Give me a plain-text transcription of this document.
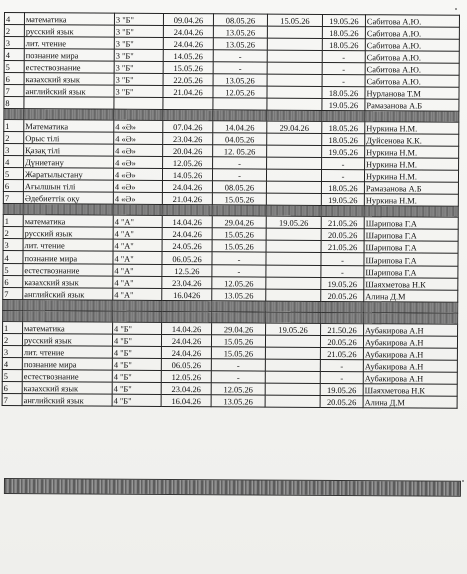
4	математика	3 "Б"	09.04.26	08.05.26	15.05.26	19.05.26	Сабитова А.Ю.
2	русский язык	3 "Б"	24.04.26	13.05.26		18.05.26	Сабитова А.Ю.
3	лит. чтение	3 "Б"	24.04.26	13.05.26		18.05.26	Сабитова А.Ю.
4	познание мира	3 "Б"	14.05.26	-		-	Сабитова А.Ю.
5	естествознание	3 "Б"	15.05.26	-		-	Сабитова А.Ю.
6	казахский язык	3 "Б"	22.05.26	13.05.26		-	Сабитова А.Ю.
7	английский язык	3 "Б"	21.04.26	12.05.26		18.05.26	Нурланова Т.М
8						19.05.26	Рамазанова А.Б

1	Математика	4 «Ә»	07.04.26	14.04.26	29.04.26	18.05.26	Нуркина Н.М.
2	Орыс тілі	4 «Ә»	23.04.26	04.05.26		18.05.26	Дуйсенова К.К.
3	Қазақ тілі	4 «Ә»	20.04.26	12. 05.26		19.05.26	Нуркина Н.М.
4	Дүниетану	4 «Ә»	12.05.26	-		-	Нуркина Н.М.
5	Жаратылыстану	4 «Ә»	14.05.26	-		-	Нуркина Н.М.
6	Ағылшын тілі	4 «Ә»	24.04.26	08.05.26		18.05.26	Рамазанова А.Б
7	Әдебиеттік оқу	4 «Ә»	21.04.26	15.05.26		19.05.26	Нуркина Н.М.

1	математика	4 "А"	14.04.26	29.04.26	19.05.26	21.05.26	Шарипова Г.А
2	русский язык	4 "А"	24.04.26	15.05.26		20.05.26	Шарипова Г.А
3	лит. чтение	4 "А"	24.05.26	15.05.26		21.05.26	Шарипова Г.А
4	познание мира	4 "А"	06.05.26	-		-	Шарипова Г.А
5	естествознание	4 "А"	12.5.26	-		-	Шарипова Г.А
6	казахский язык	4 "А"	23.04.26	12.05.26		19.05.26	Шаяхметова Н.К
7	английский язык	4 "А"	16.0426	13.05.26		20.05.26	Алина Д.М

1	математика	4 "Б"	14.04.26	29.04.26	19.05.26	21.50.26	Аубакирова А.Н
2	русский язык	4 "Б"	24.04.26	15.05.26		20.05.26	Аубакирова А.Н
3	лит. чтение	4 "Б"	24.04.26	15.05.26		21.05.26	Аубакирова А.Н
4	познание мира	4 "Б"	06.05.26	-		-	Аубакирова А.Н
5	естествознание	4 "Б"	12.05.26	-		-	Аубакирова А.Н
6	казахский язык	4 "Б"	23.04.26	12.05.26		19.05.26	Шаяхметова Н.К
7	английский язык	4 "Б"	16.04.26	13.05.26		20.05.26	Алина Д.М
